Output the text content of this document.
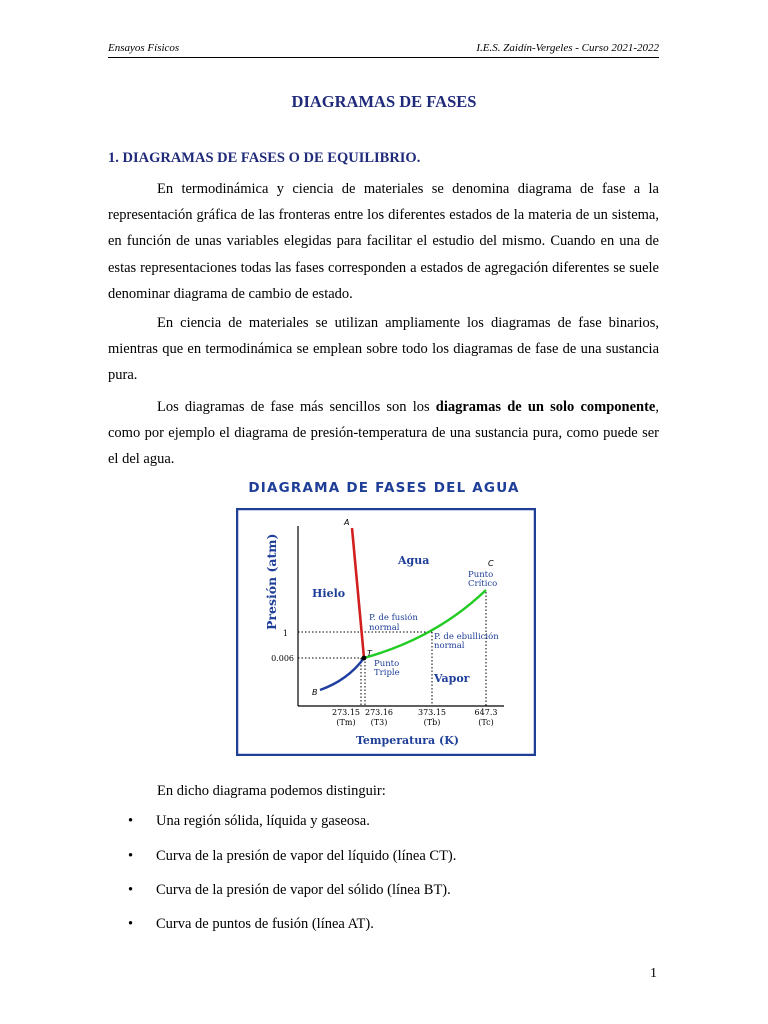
Ensayos Físicos	I.E.S. Zaidín-Vergeles - Curso 2021-2022
DIAGRAMAS DE FASES
1. DIAGRAMAS DE FASES O DE EQUILIBRIO.

En termodinámica y ciencia de materiales se denomina diagrama de fase a la representación gráfica de las fronteras entre los diferentes estados de la materia de un sistema, en función de unas variables elegidas para facilitar el estudio del mismo. Cuando en una de estas representaciones todas las fases corresponden a estados de agregación diferentes se suele denominar diagrama de cambio de estado.

En ciencia de materiales se utilizan ampliamente los diagramas de fase binarios, mientras que en termodinámica se emplean sobre todo los diagramas de fase de una sustancia pura.

Los diagramas de fase más sencillos son los diagramas de un solo componente, como por ejemplo el diagrama de presión-temperatura de una sustancia pura, como puede ser el del agua.

DIAGRAMA DE FASES DEL AGUA
Presión (atm)
Temperatura (K)
1
0.006
273.15
(Tm)
273.16
(T3)
373.15
(Tb)
647.3
(Tc)
A
B
C
T
Hielo
Agua
Vapor
P. de fusión
normal
P. de ebullición
normal
Punto
Triple
Punto
Crítico

En dicho diagrama podemos distinguir:

• Una región sólida, líquida y gaseosa.
• Curva de la presión de vapor del líquido (línea CT).
• Curva de la presión de vapor del sólido (línea BT).
• Curva de puntos de fusión (línea AT).
1
